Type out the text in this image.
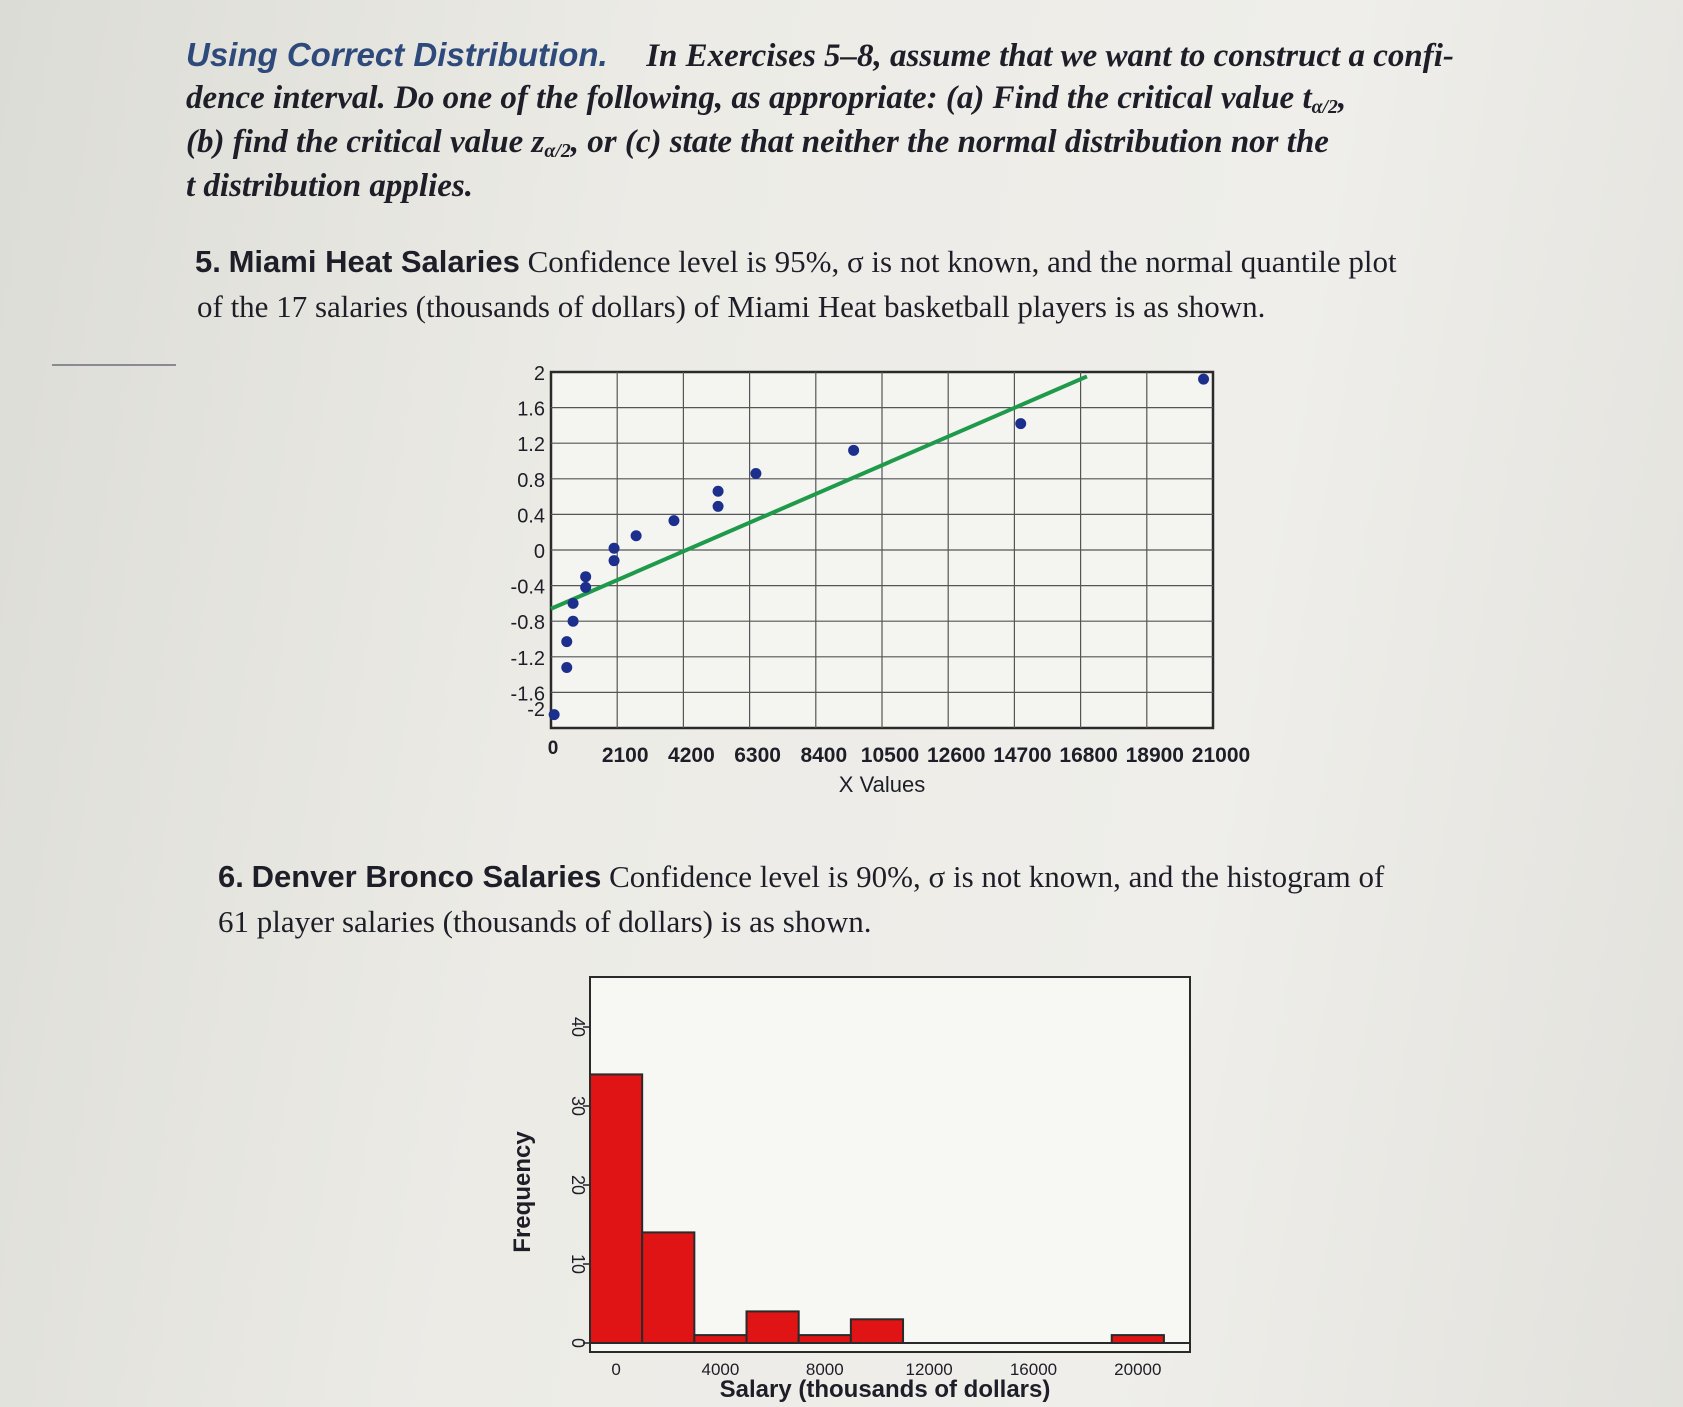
Using Correct Distribution. In Exercises 5–8, assume that we want to construct a confi-
dence interval. Do one of the following, as appropriate: (a) Find the critical value $t_{\alpha/2}$,
(b) find the critical value $z_{\alpha/2}$, or (c) state that neither the normal distribution nor the
t distribution applies.
5. Miami Heat Salaries Confidence level is 95%, σ is not known, and the normal quantile plot
of the 17 salaries (thousands of dollars) of Miami Heat basketball players is as shown.
0 2100 4200 6300 8400 10500 12600 14700 16800 18900 21000
2
1.6
1.2
0.8
0.4
0
-0.4
-0.8
-1.2
-1.6
-2
X Values
6. Denver Bronco Salaries Confidence level is 90%, σ is not known, and the histogram of
61 player salaries (thousands of dollars) is as shown.
0
10
20
30
40
0	4000	8000	12000	16000	20000
Salary (thousands of dollars)
Frequency
